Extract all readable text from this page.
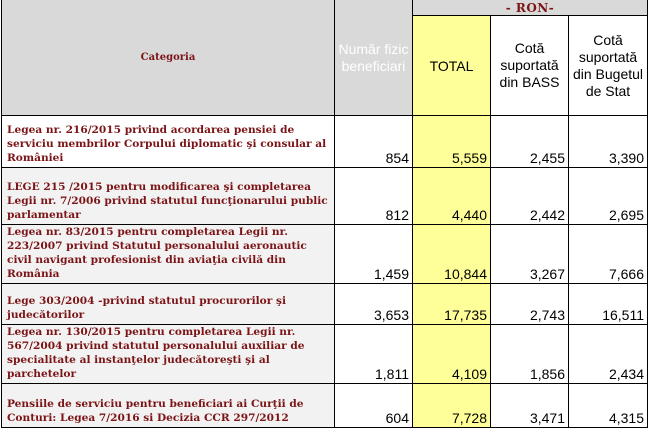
Categoria	Număr fizic beneficiari	- RON-		
		TOTAL	Cotă suportată din BASS	Cotă suportată din Bugetul de Stat
Legea nr. 216/2015 privind acordarea pensiei de serviciu membrilor Corpului diplomatic şi consular al României	854	5,559	2,455	3,390
LEGE 215 /2015 pentru modificarea şi completarea Legii nr. 7/2006 privind statutul funcţionarului public parlamentar	812	4,440	2,442	2,695
Legea nr. 83/2015 pentru completarea Legii nr. 223/2007 privind Statutul personalului aeronautic civil navigant profesionist din aviaţia civilă din România	1,459	10,844	3,267	7,666
Lege 303/2004 -privind statutul procurorilor şi judecătorilor	3,653	17,735	2,743	16,511
Legea nr. 130/2015 pentru completarea Legii nr. 567/2004 privind statutul personalului auxiliar de specialitate al instanţelor judecătoreşti şi al parchetelor	1,811	4,109	1,856	2,434
Pensiile de serviciu pentru beneficiari ai Curţii de Conturi: Legea 7/2016 si Decizia CCR 297/2012	604	7,728	3,471	4,315
